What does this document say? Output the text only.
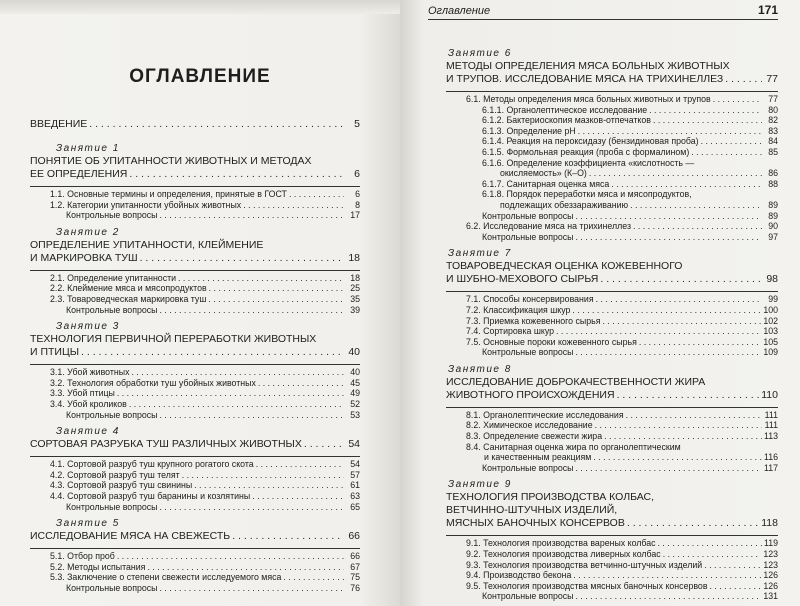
Оглавление	171
ОГЛАВЛЕНИЕ
ВВЕДЕНИЕ . . .	5
Занятие 1
ПОНЯТИЕ ОБ УПИТАННОСТИ ЖИВОТНЫХ И МЕТОДАХ
ЕЕ ОПРЕДЕЛЕНИЯ . . .	6
1.1. Основные термины и определения, принятые в ГОСТ . . .	6
1.2. Категории упитанности убойных животных . . .	8
Контрольные вопросы . . .	17
Занятие 2
ОПРЕДЕЛЕНИЕ УПИТАННОСТИ, КЛЕЙМЕНИЕ
И МАРКИРОВКА ТУШ . . .	18
2.1. Определение упитанности . . .	18
2.2. Клеймение мяса и мясопродуктов . . .	25
2.3. Товароведческая маркировка туш . . .	35
Контрольные вопросы . . .	39
Занятие 3
ТЕХНОЛОГИЯ ПЕРВИЧНОЙ ПЕРЕРАБОТКИ ЖИВОТНЫХ
И ПТИЦЫ . . .	40
3.1. Убой животных . . .	40
3.2. Технология обработки туш убойных животных . . .	45
3.3. Убой птицы . . .	49
3.4. Убой кроликов . . .	52
Контрольные вопросы . . .	53
Занятие 4
СОРТОВАЯ РАЗРУБКА ТУШ РАЗЛИЧНЫХ ЖИВОТНЫХ . . .	54
4.1. Сортовой разруб туш крупного рогатого скота . . .	54
4.2. Сортовой разруб туш телят . . .	57
4.3. Сортовой разруб туш свинины . . .	61
4.4. Сортовой разруб туш баранины и козлятины . . .	63
Контрольные вопросы . . .	65
Занятие 5
ИССЛЕДОВАНИЕ МЯСА НА СВЕЖЕСТЬ . . .	66
5.1. Отбор проб . . .	66
5.2. Методы испытания . . .	67
5.3. Заключение о степени свежести исследуемого мяса . . .	75
Контрольные вопросы . . .	76
Занятие 6
МЕТОДЫ ОПРЕДЕЛЕНИЯ МЯСА БОЛЬНЫХ ЖИВОТНЫХ
И ТРУПОВ. ИССЛЕДОВАНИЕ МЯСА НА ТРИХИНЕЛЛЕЗ . . .	77
6.1. Методы определения мяса больных животных и трупов . . .	77
6.1.1. Органолептическое исследование . . .	80
6.1.2. Бактериоскопия мазков-отпечатков . . .	82
6.1.3. Определение рН . . .	83
6.1.4. Реакция на пероксидазу (бензидиновая проба) . . .	84
6.1.5. Формольная реакция (проба с формалином) . . .	85
6.1.6. Определение коэффициента «кислотность —
окисляемость» (К–О) . . .	86
6.1.7. Санитарная оценка мяса . . .	88
6.1.8. Порядок переработки мяса и мясопродуктов,
подлежащих обеззараживанию . . .	89
Контрольные вопросы . . .	89
6.2. Исследование мяса на трихинеллез . . .	90
Контрольные вопросы . . .	97
Занятие 7
ТОВАРОВЕДЧЕСКАЯ ОЦЕНКА КОЖЕВЕННОГО
И ШУБНО-МЕХОВОГО СЫРЬЯ . . .	98
7.1. Способы консервирования . . .	99
7.2. Классификация шкур . . .	100
7.3. Приемка кожевенного сырья . . .	102
7.4. Сортировка шкур . . .	103
7.5. Основные пороки кожевенного сырья . . .	105
Контрольные вопросы . . .	109
Занятие 8
ИССЛЕДОВАНИЕ ДОБРОКАЧЕСТВЕННОСТИ ЖИРА
ЖИВОТНОГО ПРОИСХОЖДЕНИЯ . . .	110
8.1. Органолептические исследования . . .	111
8.2. Химическое исследование . . .	111
8.3. Определение свежести жира . . .	113
8.4. Санитарная оценка жира по органолептическим
и качественным реакциям . . .	116
Контрольные вопросы . . .	117
Занятие 9
ТЕХНОЛОГИЯ ПРОИЗВОДСТВА КОЛБАС,
ВЕТЧИННО-ШТУЧНЫХ ИЗДЕЛИЙ,
МЯСНЫХ БАНОЧНЫХ КОНСЕРВОВ . . .	118
9.1. Технология производства вареных колбас . . .	119
9.2. Технология производства ливерных колбас . . .	123
9.3. Технология производства ветчинно-штучных изделий . . .	123
9.4. Производство бекона . . .	126
9.5. Технология производства мясных баночных консервов . . .	126
Контрольные вопросы . . .	131
